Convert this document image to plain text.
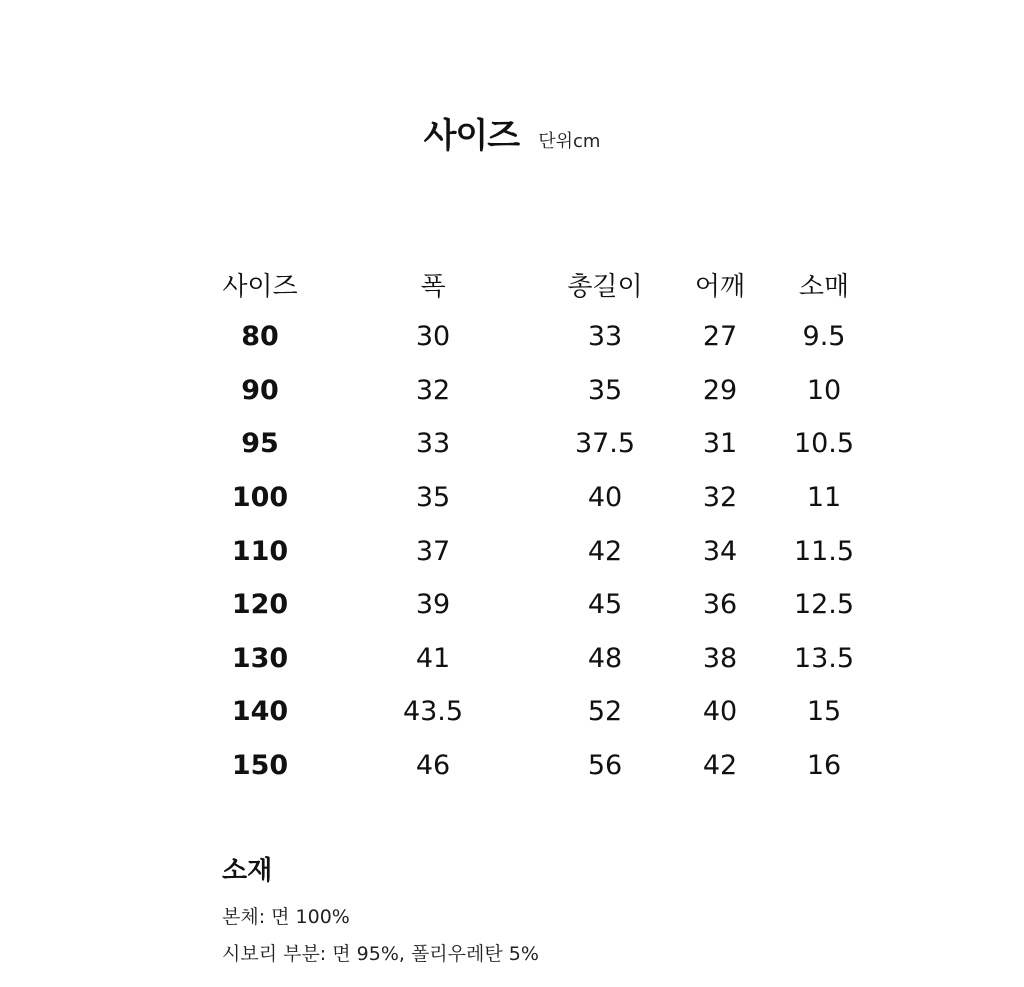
사이즈 단위cm
사이즈	폭	총길이	어깨	소매
80	30	33	27	9.5
90	32	35	29	10
95	33	37.5	31	10.5
100	35	40	32	11
110	37	42	34	11.5
120	39	45	36	12.5
130	41	48	38	13.5
140	43.5	52	40	15
150	46	56	42	16
소재
본체: 면 100%
시보리 부분: 면 95%, 폴리우레탄 5%
